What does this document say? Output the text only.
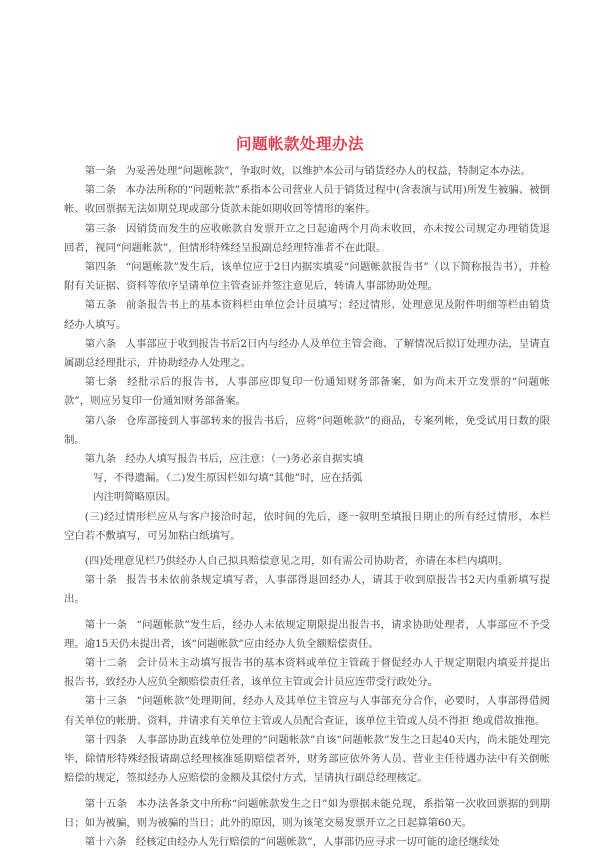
问题帐款处理办法

第一条 为妥善处理“问题帐款”，争取时效，以维护本公司与销货经办人的权益，特制定本办法。

第二条 本办法所称的“问题帐款”系指本公司营业人员于销货过程中(含表演与试用)所发生被骗、被倒帐、收回票据无法如期兑现或部分货款未能如期收回等情形的案件。

第三条 因销货而发生的应收帐款自发票开立之日起逾两个月尚未收回，亦未按公司规定办理销货退回者，视同“问题帐款”，但情形特殊经呈报副总经理特准者不在此限。

第四条 “问题帐款”发生后，该单位应于2日内据实填妥“问题帐款报告书”（以下简称报告书），并检附有关证据、资料等依序呈请单位主管查证并签注意见后，转请人事部协助处理。

第五条 前条报告书上的基本资料栏由单位会计员填写；经过情形、处理意见及附件明细等栏由销货经办人填写。

第六条 人事部应于收到报告书后2日内与经办人及单位主管会商、了解情况后拟订处理办法，呈请直属副总经理批示，并协助经办人处理之。

第七条 经批示后的报告书，人事部应即复印一份通知财务部备案，如为尚未开立发票的“问题帐款”，则应另复印一份通知财务部备案。

第八条 仓库部接到人事部转来的报告书后，应将“问题帐款”的商品，专案列帐，免受试用日数的限制。

第九条 经办人填写报告书后，应注意：（一)务必亲自据实填

写，不得遗漏。（二)发生原因栏如勾填“其他”时，应在括弧

内注明简略原因。

(三)经过情形栏应从与客户接洽时起，依时间的先后，逐一叙明至填报日期止的所有经过情形，本栏空白若不敷填写，可另加粘白纸填写。

(四)处理意见栏乃供经办人自己拟具赔偿意见之用，如有需公司协助者，亦请在本栏内填明。

第十条 报告书未依前条规定填写者，人事部得退回经办人，请其于收到原报告书2天内重新填写提出。

第十一条 “问题帐款”发生后，经办人未依规定期限提出报告书，请求协助处理者，人事部应不予受理。逾15天仍未提出者，该“问题帐款”应由经办人负全额赔偿责任。

第十二条 会计员未主动填写报告书的基本资料或单位主管疏于督促经办人于规定期限内填妥并提出报告书，致经办人应负全额赔偿责任者，该单位主管或会计员应连带受行政处分。

第十三条 “问题帐款”处理期间，经办人及其单位主管应与人事部充分合作，必要时，人事部得借阅有关单位的帐册、资料，并请求有关单位主管或人员配合查证，该单位主管或人员不得拒 绝或借故推拖。

第十四条 人事部协助直线单位处理的“问题帐款”自该“问题帐款”发生之日起40天内，尚未能处理完毕，除情形特殊经报请副总经理核准延期赔偿者外，财务部应依外务人员、营业主任待遇办法中有关倒帐赔偿的规定，签拟经办人应赔偿的金额及其偿付方式，呈请执行副总经理核定。

第十五条 本办法各条文中所称“问题帐款发生之日”如为票据未能兑现，系指第一次收回票据的到期日；如为被骗，则为被骗的当日；此外的原因，则为该笔交易发票开立之日起算第60天。

第十六条 经核定由经办人先行赔偿的“问题帐款”，人事部仍应寻求一切可能的途径继续处
